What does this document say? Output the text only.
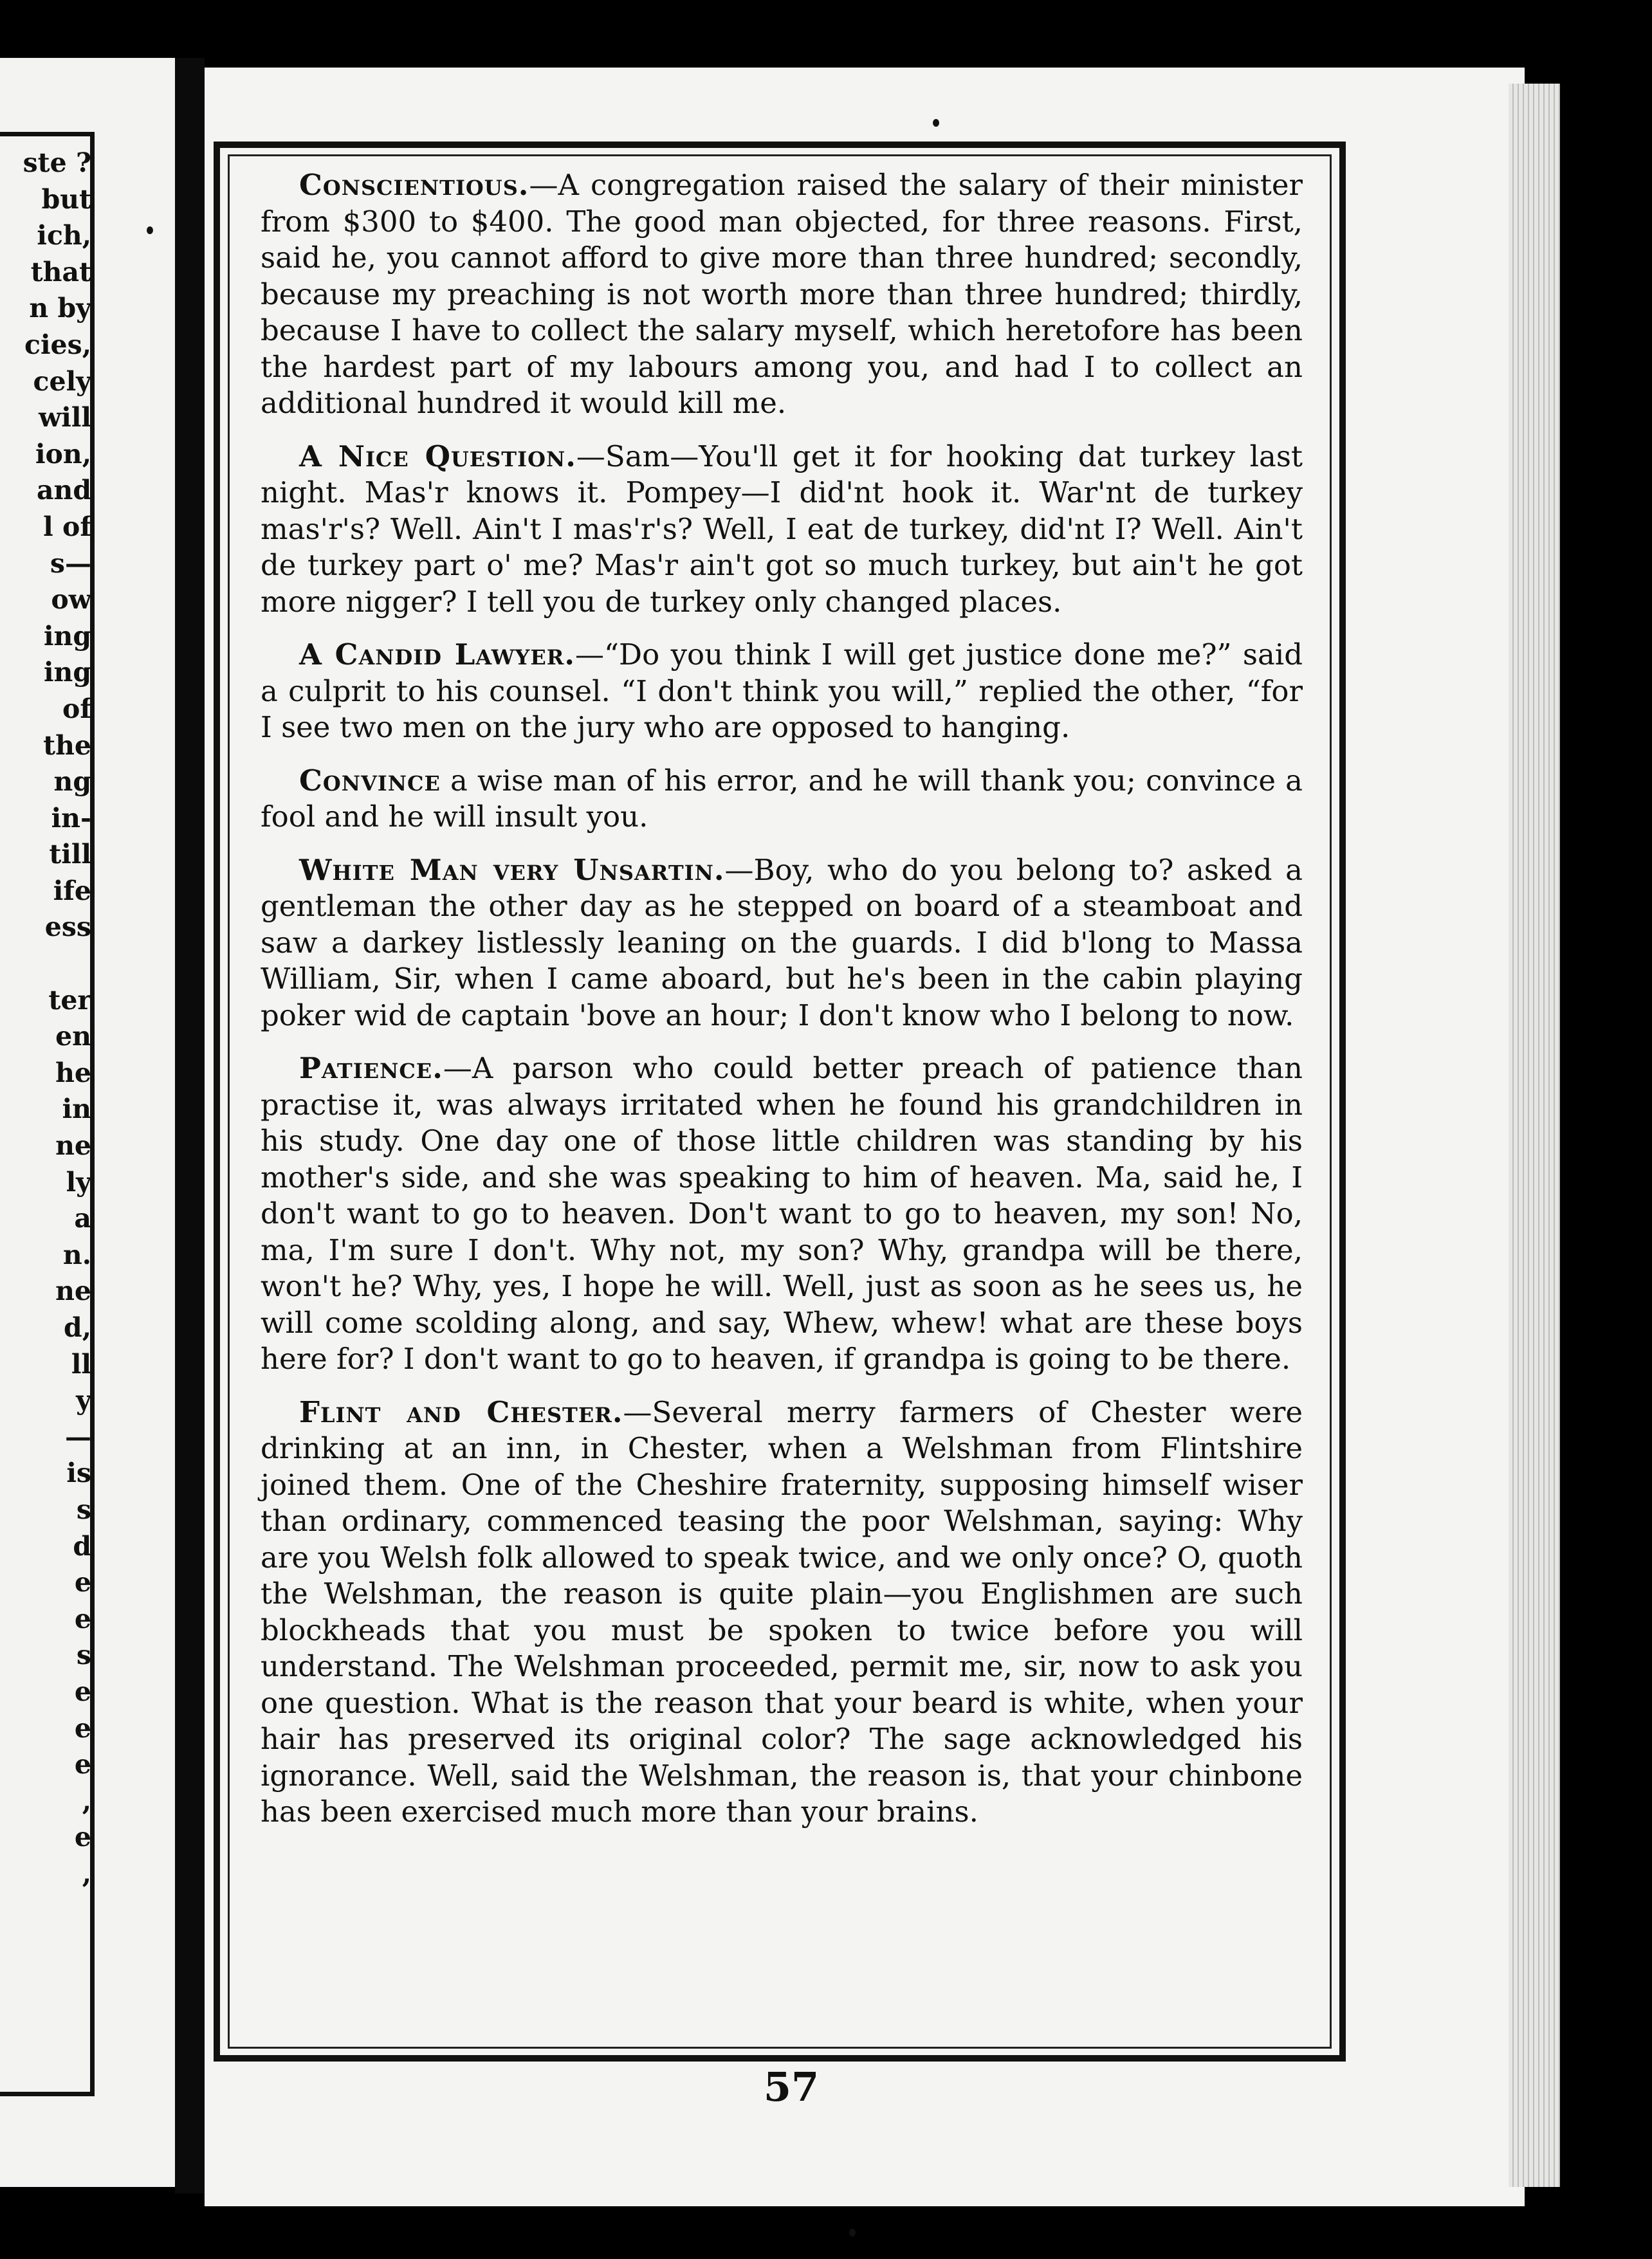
ste ?
but
ich,
that
n by
cies,
cely
will
ion,
and
l of
s—
ow
ing
ing
of
the
ng
in-
till
ife
ess
ter
en
he
in
ne
ly
a
n.
ne
d,
ll
y
—
is
s
d
e
e
s
e
e
e
,
e
,

Conscientious.—A congregation raised the salary of their minister from $300 to $400. The good man objected, for three reasons. First, said he, you cannot afford to give more than three hundred; secondly, because my preaching is not worth more than three hundred; thirdly, because I have to collect the salary myself, which heretofore has been the hardest part of my labours among you, and had I to collect an additional hundred it would kill me.

A Nice Question.—Sam—You'll get it for hooking dat turkey last night. Mas'r knows it. Pompey—I did'nt hook it. War'nt de turkey mas'r's? Well. Ain't I mas'r's? Well, I eat de turkey, did'nt I? Well. Ain't de turkey part o' me? Mas'r ain't got so much turkey, but ain't he got more nigger? I tell you de turkey only changed places.

A Candid Lawyer.—“Do you think I will get justice done me?” said a culprit to his counsel. “I don't think you will,” replied the other, “for I see two men on the jury who are opposed to hanging.

Convince a wise man of his error, and he will thank you; convince a fool and he will insult you.

White Man very Unsartin.—Boy, who do you belong to? asked a gentleman the other day as he stepped on board of a steamboat and saw a darkey listlessly leaning on the guards. I did b'long to Massa William, Sir, when I came aboard, but he's been in the cabin playing poker wid de captain 'bove an hour; I don't know who I belong to now.

Patience.—A parson who could better preach of patience than practise it, was always irritated when he found his grandchildren in his study. One day one of those little children was standing by his mother's side, and she was speaking to him of heaven. Ma, said he, I don't want to go to heaven. Don't want to go to heaven, my son! No, ma, I'm sure I don't. Why not, my son? Why, grandpa will be there, won't he? Why, yes, I hope he will. Well, just as soon as he sees us, he will come scolding along, and say, Whew, whew! what are these boys here for? I don't want to go to heaven, if grandpa is going to be there.

Flint and Chester.—Several merry farmers of Chester were drinking at an inn, in Chester, when a Welshman from Flintshire joined them. One of the Cheshire fraternity, supposing himself wiser than ordinary, commenced teasing the poor Welshman, saying: Why are you Welsh folk allowed to speak twice, and we only once? O, quoth the Welshman, the reason is quite plain—you Englishmen are such blockheads that you must be spoken to twice before you will understand. The Welshman proceeded, permit me, sir, now to ask you one question. What is the reason that your beard is white, when your hair has preserved its original color? The sage acknowledged his ignorance. Well, said the Welshman, the reason is, that your chinbone has been exercised much more than your brains.

57
